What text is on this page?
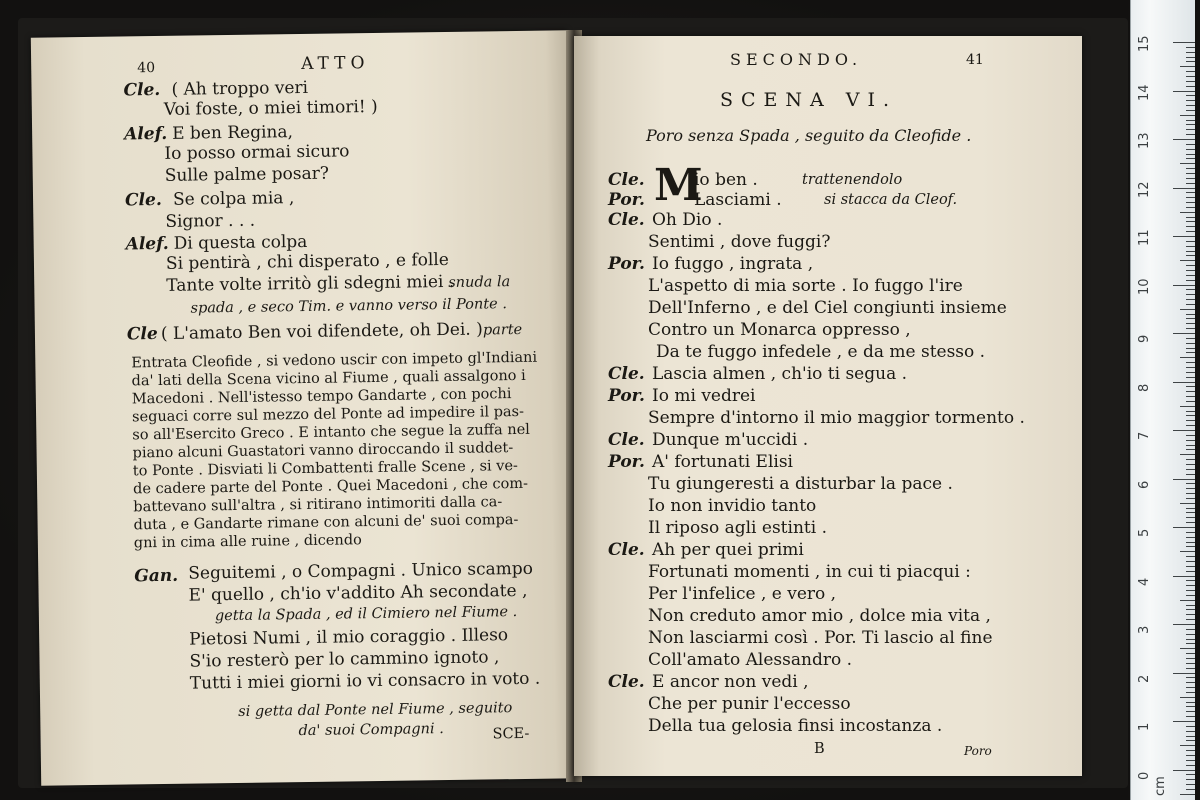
40	ATTO
Cle. ( Ah troppo veri
Voi foste, o miei timori! )
Alef. E ben Regina,
Io posso ormai sicuro
Sulle palme posar?
Cle. Se colpa mia ,
Signor . . .
Alef. Di questa colpa
Si pentirà , chi disperato , e folle
Tante volte irritò gli sdegni miei .
snuda la
spada , e seco Tim. e vanno verso il Ponte .
Cle ( L'amato Ben voi difendete, oh Dei. ) parte
Entrata Cleofide , si vedono uscir con impeto gl'Indiani
da' lati della Scena vicino al Fiume , quali assalgono i
Macedoni . Nell'istesso tempo Gandarte , con pochi
seguaci corre sul mezzo del Ponte ad impedire il pas-
so all'Esercito Greco . E intanto che segue la zuffa nel
piano alcuni Guastatori vanno diroccando il suddet-
to Ponte . Disviati li Combattenti fralle Scene , si ve-
de cadere parte del Ponte . Quei Macedoni , che com-
battevano sull'altra , si ritirano intimoriti dalla ca-
duta , e Gandarte rimane con alcuni de' suoi compa-
gni in cima alle ruine , dicendo
Gan. Seguitemi , o Compagni . Unico scampo
E' quello , ch'io v'addito Ah secondate ,
getta la Spada , ed il Cimiero nel Fiume .
Pietosi Numi , il mio coraggio . Illeso
S'io resterò per lo cammino ignoto ,
Tutti i miei giorni io vi consacro in voto .
si getta dal Ponte nel Fiume , seguito
da' suoi Compagni .	SCE-
SECONDO.	41
SCENA VI.
Poro senza Spada , seguito da Cleofide .
M
Cle.	io ben .	trattenendolo
Por.	Lasciami .	si stacca da Cleof.
Cle. Oh Dio .
Sentimi , dove fuggi?
Por. Io fuggo , ingrata ,
L'aspetto di mia sorte . Io fuggo l'ire
Dell'Inferno , e del Ciel congiunti insieme
Contro un Monarca oppresso ,
Da te fuggo infedele , e da me stesso .
Cle. Lascia almen , ch'io ti segua .
Por. Io mi vedrei
Sempre d'intorno il mio maggior tormento .
Cle. Dunque m'uccidi .
Por. A' fortunati Elisi
Tu giungeresti a disturbar la pace .
Io non invidio tanto
Il riposo agli estinti .
Cle. Ah per quei primi
Fortunati momenti , in cui ti piacqui :
Per l'infelice , e vero ,
Non creduto amor mio , dolce mia vita ,
Non lasciarmi così . Por. Ti lascio al fine
Coll'amato Alessandro .
Cle. E ancor non vedi ,
Che per punir l'eccesso
Della tua gelosia finsi incostanza .
B	Poro
15
14
13
12
11
10
9
8
7
6
5
4
3
2
1
0
cm
